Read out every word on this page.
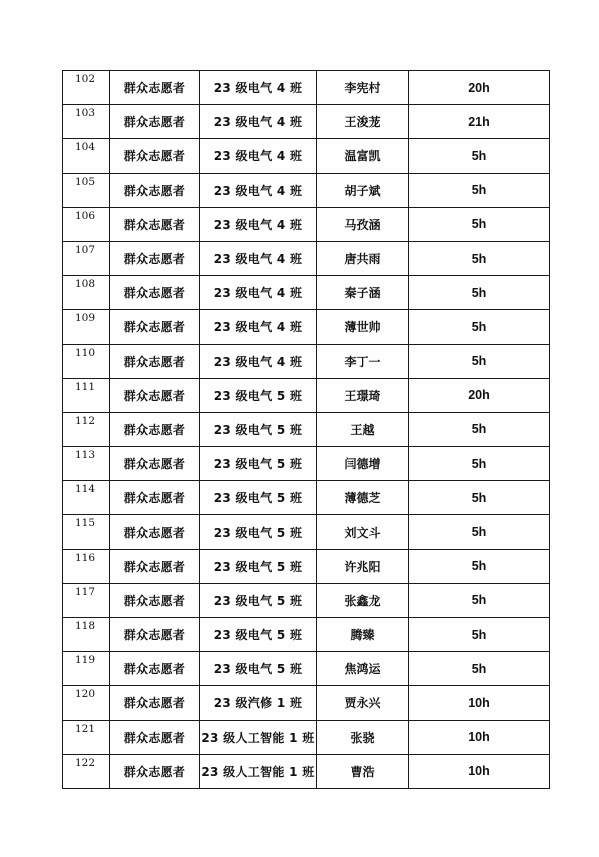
102	群众志愿者	23 级电气 4 班	李宪村	20h
103	群众志愿者	23 级电气 4 班	王浚茏	21h
104	群众志愿者	23 级电气 4 班	温富凯	5h
105	群众志愿者	23 级电气 4 班	胡子斌	5h
106	群众志愿者	23 级电气 4 班	马孜涵	5h
107	群众志愿者	23 级电气 4 班	唐共雨	5h
108	群众志愿者	23 级电气 4 班	秦子涵	5h
109	群众志愿者	23 级电气 4 班	薄世帅	5h
110	群众志愿者	23 级电气 4 班	李丁一	5h
111	群众志愿者	23 级电气 5 班	王璟琦	20h
112	群众志愿者	23 级电气 5 班	王越	5h
113	群众志愿者	23 级电气 5 班	闫德增	5h
114	群众志愿者	23 级电气 5 班	薄德芝	5h
115	群众志愿者	23 级电气 5 班	刘文斗	5h
116	群众志愿者	23 级电气 5 班	许兆阳	5h
117	群众志愿者	23 级电气 5 班	张鑫龙	5h
118	群众志愿者	23 级电气 5 班	腾臻	5h
119	群众志愿者	23 级电气 5 班	焦鸿运	5h
120	群众志愿者	23 级汽修 1 班	贾永兴	10h
121	群众志愿者	23 级人工智能 1 班	张骁	10h
122	群众志愿者	23 级人工智能 1 班	曹浩	10h
